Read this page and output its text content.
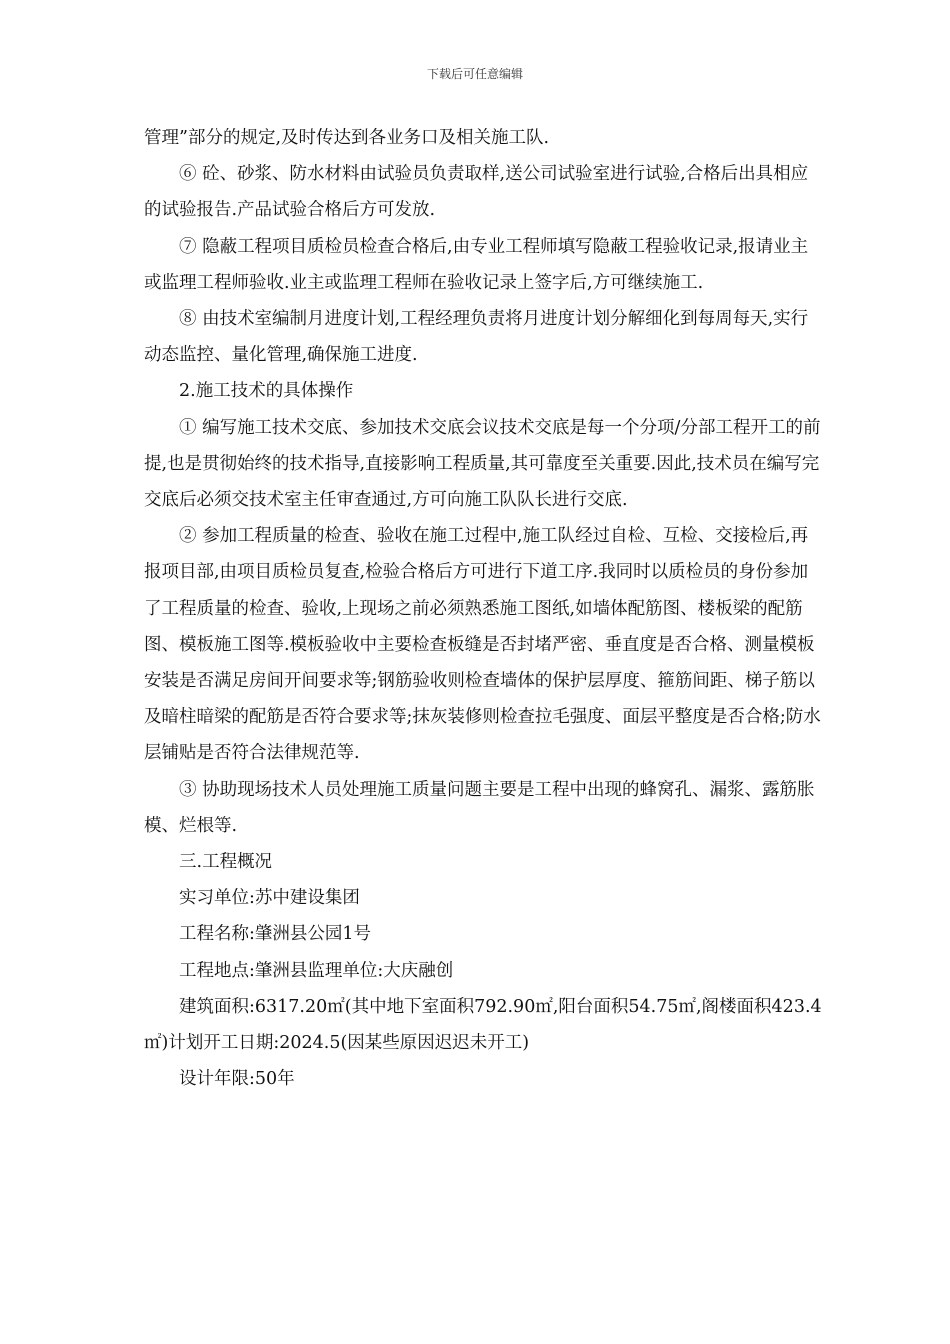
下载后可任意编辑

管理”部分的规定,及时传达到各业务口及相关施工队.

⑥ 砼、砂浆、防水材料由试验员负责取样,送公司试验室进行试验,合格后出具相应的试验报告.产品试验合格后方可发放.

⑦ 隐蔽工程项目质检员检查合格后,由专业工程师填写隐蔽工程验收记录,报请业主或监理工程师验收.业主或监理工程师在验收记录上签字后,方可继续施工.

⑧ 由技术室编制月进度计划,工程经理负责将月进度计划分解细化到每周每天,实行动态监控、量化管理,确保施工进度.

2.施工技术的具体操作

① 编写施工技术交底、参加技术交底会议技术交底是每一个分项/分部工程开工的前提,也是贯彻始终的技术指导,直接影响工程质量,其可靠度至关重要.因此,技术员在编写完交底后必须交技术室主任审查通过,方可向施工队队长进行交底.

② 参加工程质量的检查、验收在施工过程中,施工队经过自检、互检、交接检后,再报项目部,由项目质检员复查,检验合格后方可进行下道工序.我同时以质检员的身份参加了工程质量的检查、验收,上现场之前必须熟悉施工图纸,如墙体配筋图、楼板梁的配筋图、模板施工图等.模板验收中主要检查板缝是否封堵严密、垂直度是否合格、测量模板安装是否满足房间开间要求等;钢筋验收则检查墙体的保护层厚度、箍筋间距、梯子筋以及暗柱暗梁的配筋是否符合要求等;抹灰装修则检查拉毛强度、面层平整度是否合格;防水层铺贴是否符合法律规范等.

③ 协助现场技术人员处理施工质量问题主要是工程中出现的蜂窝孔、漏浆、露筋胀模、烂根等.

三.工程概况

实习单位:苏中建设集团

工程名称:肇洲县公园1号

工程地点:肇洲县监理单位:大庆融创

建筑面积:6317.20㎡(其中地下室面积792.90㎡,阳台面积54.75㎡,阁楼面积423.4㎡)计划开工日期:2024.5(因某些原因迟迟未开工)

设计年限:50年
